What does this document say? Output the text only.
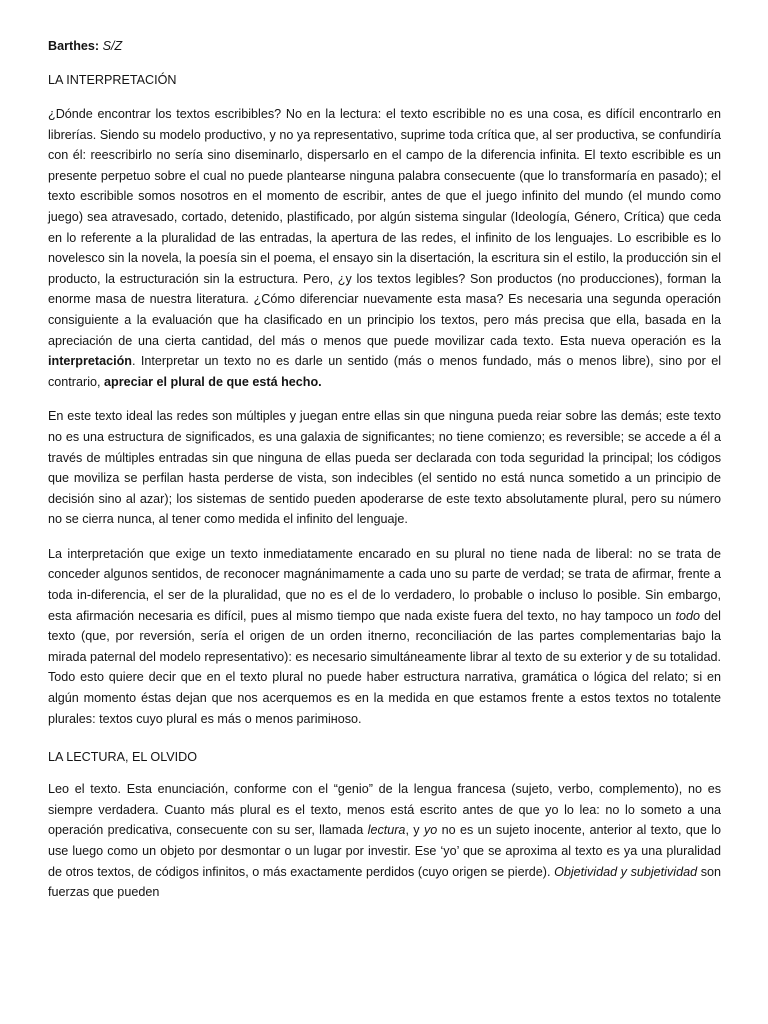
Barthes: S/Z
LA INTERPRETACIÓN

¿Dónde encontrar los textos escribibles? No en la lectura: el texto escribible no es una cosa, es difícil encontrarlo en librerías. Siendo su modelo productivo, y no ya representativo, suprime toda crítica que, al ser productiva, se confundiría con él: reescribirlo no sería sino diseminarlo, dispersarlo en el campo de la diferencia infinita. El texto escribible es un presente perpetuo sobre el cual no puede plantearse ninguna palabra consecuente (que lo transformaría en pasado); el texto escribible somos nosotros en el momento de escribir, antes de que el juego infinito del mundo (el mundo como juego) sea atravesado, cortado, detenido, plastificado, por algún sistema singular (Ideología, Género, Crítica) que ceda en lo referente a la pluralidad de las entradas, la apertura de las redes, el infinito de los lenguajes. Lo escribible es lo novelesco sin la novela, la poesía sin el poema, el ensayo sin la disertación, la escritura sin el estilo, la producción sin el producto, la estructuración sin la estructura. Pero, ¿y los textos legibles? Son productos (no producciones), forman la enorme masa de nuestra literatura. ¿Cómo diferenciar nuevamente esta masa? Es necesaria una segunda operación consiguiente a la evaluación que ha clasificado en un principio los textos, pero más precisa que ella, basada en la apreciación de una cierta cantidad, del más o menos que puede movilizar cada texto. Esta nueva operación es la interpretación. Interpretar un texto no es darle un sentido (más o menos fundado, más o menos libre), sino por el contrario, apreciar el plural de que está hecho.

En este texto ideal las redes son múltiples y juegan entre ellas sin que ninguna pueda reiar sobre las demás; este texto no es una estructura de significados, es una galaxia de significantes; no tiene comienzo; es reversible; se accede a él a través de múltiples entradas sin que ninguna de ellas pueda ser declarada con toda seguridad la principal; los códigos que moviliza se perfilan hasta perderse de vista, son indecibles (el sentido no está nunca sometido a un principio de decisión sino al azar); los sistemas de sentido pueden apoderarse de este texto absolutamente plural, pero su número no se cierra nunca, al tener como medida el infinito del lenguaje.

La interpretación que exige un texto inmediatamente encarado en su plural no tiene nada de liberal: no se trata de conceder algunos sentidos, de reconocer magnánimamente a cada uno su parte de verdad; se trata de afirmar, frente a toda in-diferencia, el ser de la pluralidad, que no es el de lo verdadero, lo probable o incluso lo posible. Sin embargo, esta afirmación necesaria es difícil, pues al mismo tiempo que nada existe fuera del texto, no hay tampoco un todo del texto (que, por reversión, sería el origen de un orden itnerno, reconciliación de las partes complementarias bajo la mirada paternal del modelo representativo): es necesario simultáneamente librar al texto de su exterior y de su totalidad. Todo esto quiere decir que en el texto plural no puede haber estructura narrativa, gramática o lógica del relato; si en algún momento éstas dejan que nos acerquemos es en la medida en que estamos frente a estos textos no totalente plurales: textos cuyo plural es más o menos parimінoso.

LA LECTURA, EL OLVIDO

Leo el texto. Esta enunciación, conforme con el “genio” de la lengua francesa (sujeto, verbo, complemento), no es siempre verdadera. Cuanto más plural es el texto, menos está escrito antes de que yo lo lea: no lo someto a una operación predicativa, consecuente con su ser, llamada lectura, y yo no es un sujeto inocente, anterior al texto, que lo use luego como un objeto por desmontar o un lugar por investir. Ese ‘yo’ que se aproxima al texto es ya una pluralidad de otros textos, de códigos infinitos, o más exactamente perdidos (cuyo origen se pierde). Objetividad y subjetividad son fuerzas que pueden
